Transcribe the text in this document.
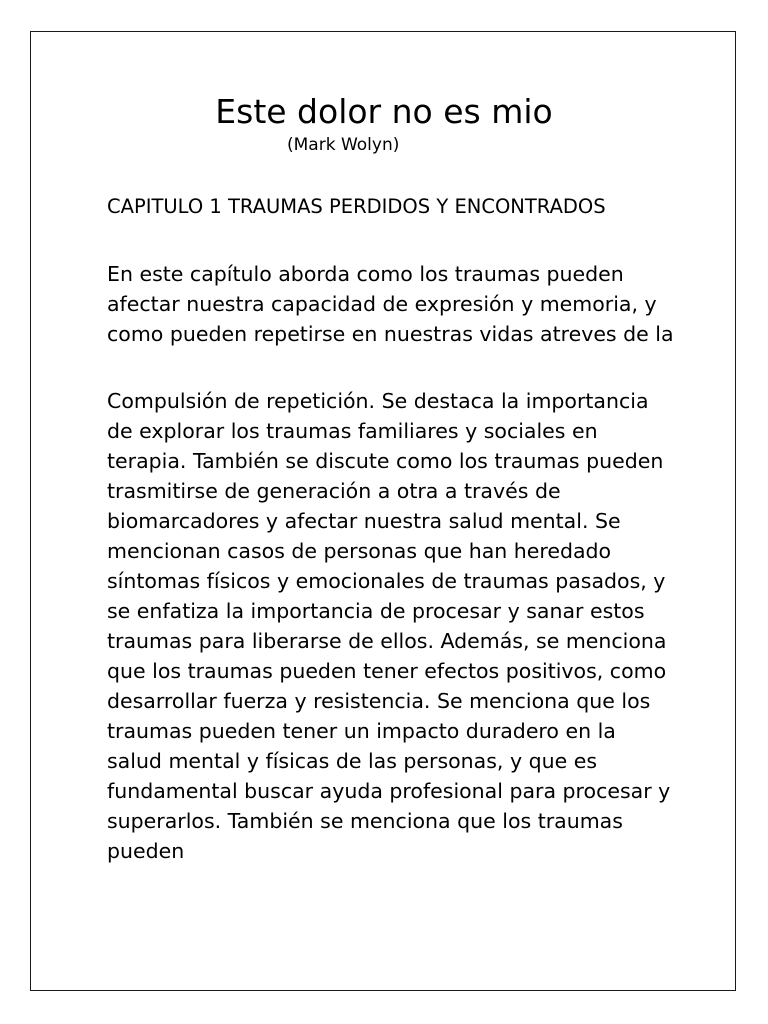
Este dolor no es mio
(Mark Wolyn)

CAPITULO 1 TRAUMAS PERDIDOS Y ENCONTRADOS

En este capítulo aborda como los traumas pueden afectar nuestra capacidad de expresión y memoria, y como pueden repetirse en nuestras vidas atreves de la

Compulsión de repetición. Se destaca la importancia de explorar los traumas familiares y sociales en terapia. También se discute como los traumas pueden trasmitirse de generación a otra a través de biomarcadores y afectar nuestra salud mental. Se mencionan casos de personas que han heredado síntomas físicos y emocionales de traumas pasados, y se enfatiza la importancia de procesar y sanar estos traumas para liberarse de ellos. Además, se menciona que los traumas pueden tener efectos positivos, como desarrollar fuerza y resistencia. Se menciona que los traumas pueden tener un impacto duradero en la salud mental y físicas de las personas, y que es fundamental buscar ayuda profesional para procesar y superarlos. También se menciona que los traumas pueden
